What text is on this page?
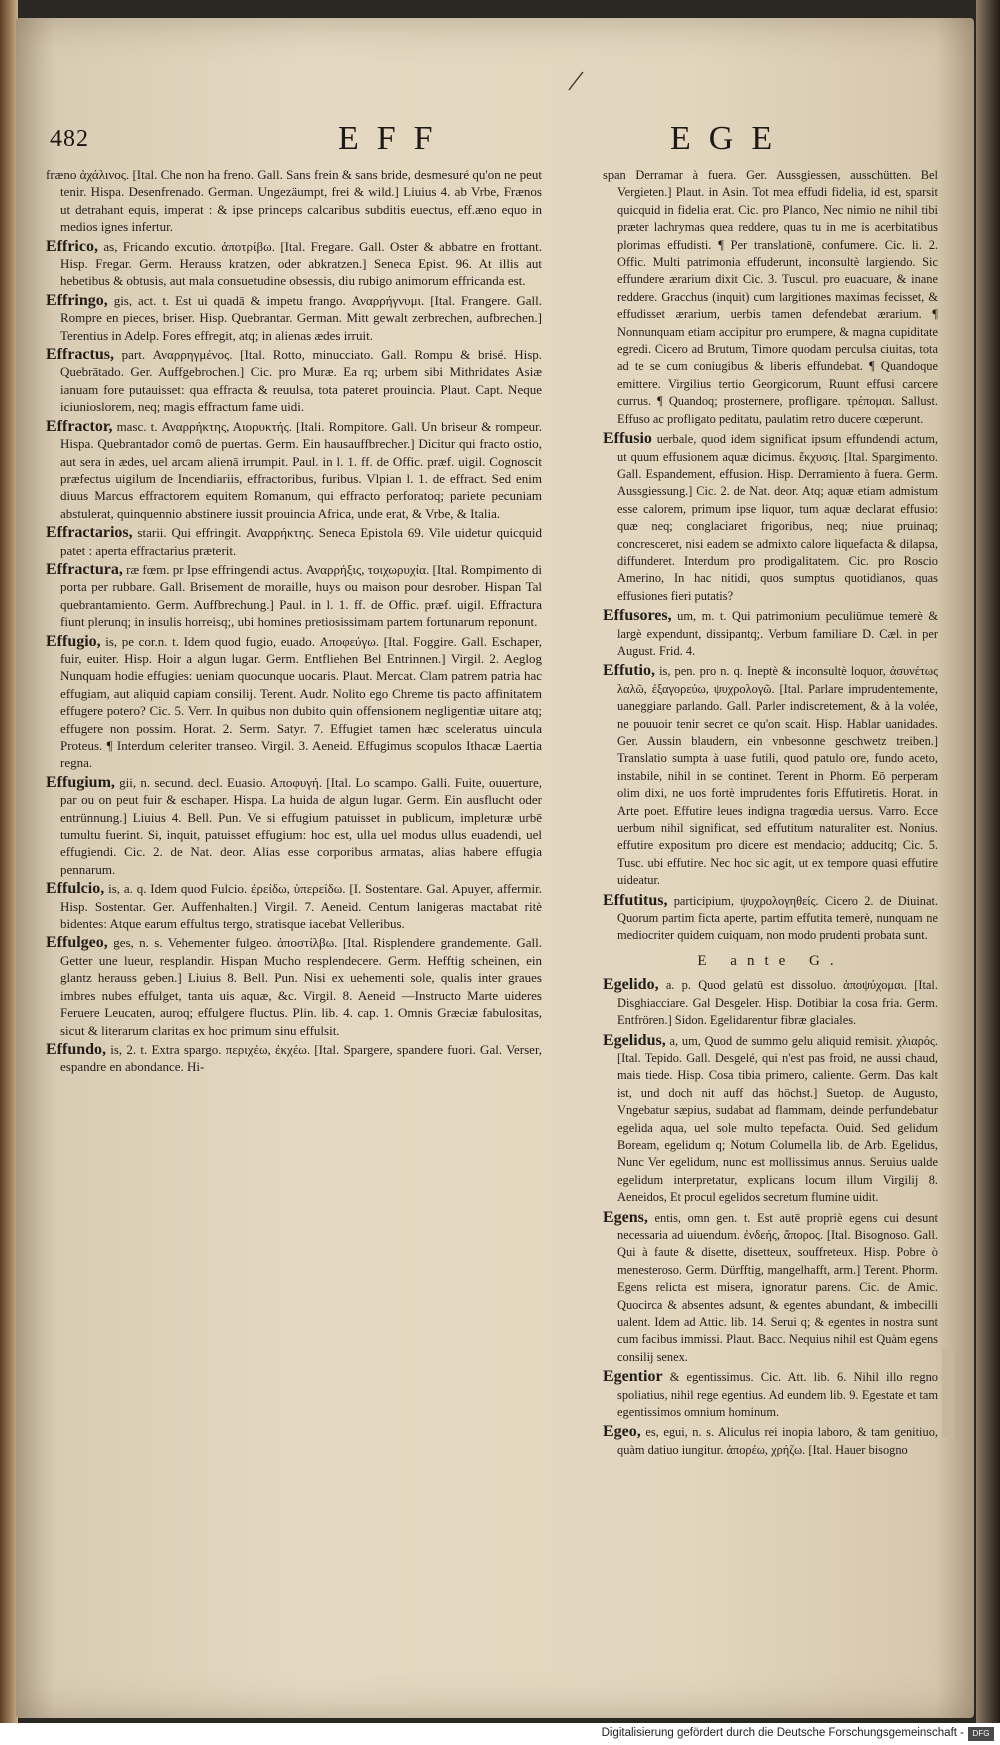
482	EFF	EGE

fræno ἀχάλινος. [Ital. Che non ha freno. Gall. Sans frein & sans bride, desmesuré qu'on ne peut tenir. Hispa. Desenfrenado. German. Ungezäumpt, frei & wild.] Liuius 4. ab Vrbe, Frænos ut detrahant equis, imperat : & ipse princeps calcaribus subditis euectus, eff.æno equo in medios ignes infertur.

Effrico, as, Fricando excutio. ἀποτρίβω. [Ital. Fregare. Gall. Oster & abbatre en frottant. Hisp. Fregar. Germ. Herauss kratzen, oder abkratzen.] Seneca Epist. 96. At illis aut hebetibus & obtusis, aut mala consuetudine obsessis, diu rubigo animorum effricanda est.

Effringo, gis, act. t. Est ui quadā & impetu frango. Αναρρήγνυμι. [Ital. Frangere. Gall. Rompre en pieces, briser. Hisp. Quebrantar. German. Mitt gewalt zerbrechen, aufbrechen.] Terentius in Adelp. Fores effregit, atq; in alienas ædes irruit.

Effractus, part. Αναρρηγμένος. [Ital. Rotto, minucciato. Gall. Rompu & brisé. Hisp. Quebrātado. Ger. Auffgebrochen.] Cic. pro Muræ. Ea rq; urbem sibi Mithridates Asiæ ianuam fore putauisset: qua effracta & reuulsa, tota pateret prouincia. Plaut. Capt. Neque iciunioslorem, neq; magis effractum fame uidi.

Effractor, masc. t. Αναρρήκτης, Αιορυκτής. [Itali. Rompitore. Gall. Un briseur & rompeur. Hispa. Quebrantador comô de puertas. Germ. Ein hausauffbrecher.] Dicitur qui fracto ostio, aut sera in ædes, uel arcam alienā irrumpit. Paul. in l. 1. ff. de Offic. præf. uigil. Cognoscit præfectus uigilum de Incendiariis, effractoribus, furibus. Vlpian l. 1. de effract. Sed enim diuus Marcus effractorem equitem Romanum, qui effracto perforatoq; pariete pecuniam abstulerat, quinquennio abstinere iussit prouincia Africa, unde erat, & Vrbe, & Italia.

Effractarios, starii. Qui effringit. Αναρρήκτης. Seneca Epistola 69. Vile uidetur quicquid patet : aperta effractarius præterit.

Effractura, ræ fœm. pr Ipse effringendi actus. Αναρρήξις, τοιχωρυχία. [Ital. Rompimento di porta per rubbare. Gall. Brisement de moraille, huys ou maison pour desrober. Hispan Tal quebrantamiento. Germ. Auffbrechung.] Paul. in l. 1. ff. de Offic. præf. uigil. Effractura fiunt plerunq; in insulis horreisq;, ubi homines pretiosissimam partem fortunarum reponunt.

Effugio, is, pe cor.n. t. Idem quod fugio, euado. Αποφεύγω. [Ital. Foggire. Gall. Eschaper, fuir, euiter. Hisp. Hoir a algun lugar. Germ. Entfliehen Bel Entrinnen.] Virgil. 2. Aeglog Nunquam hodie effugies: ueniam quocunque uocaris. Plaut. Mercat. Clam patrem patria hac effugiam, aut aliquid capiam consilij. Terent. Audr. Nolito ego Chreme tis pacto affinitatem effugere potero? Cic. 5. Verr. In quibus non dubito quin offensionem negligentiæ uitare atq; effugere non possim. Horat. 2. Serm. Satyr. 7. Effugiet tamen hæc sceleratus uincula Proteus. ¶ Interdum celeriter transeo. Virgil. 3. Aeneid. Effugimus scopulos Ithacæ Laertia regna.

Effugium, gii, n. secund. decl. Euasio. Αποφυγή. [Ital. Lo scampo. Galli. Fuite, ouuerture, par ou on peut fuir & eschaper. Hispa. La huida de algun lugar. Germ. Ein ausflucht oder entrünnung.] Liuius 4. Bell. Pun. Ve si effugium patuisset in publicum, impleturæ urbē tumultu fuerint. Si, inquit, patuisset effugium: hoc est, ulla uel modus ullus euadendi, uel effugiendi. Cic. 2. de Nat. deor. Alias esse corporibus armatas, alias habere effugia pennarum.

Effulcio, is, a. q. Idem quod Fulcio. ἐρείδω, ὑπερείδω. [I. Sostentare. Gal. Apuyer, affermir. Hisp. Sostentar. Ger. Auffenhalten.] Virgil. 7. Aeneid. Centum lanigeras mactabat ritè bidentes: Atque earum effultus tergo, stratisque iacebat Velleribus.

Effulgeo, ges, n. s. Vehementer fulgeo. ἀποστίλβω. [Ital. Risplendere grandemente. Gall. Getter une lueur, resplandir. Hispan Mucho resplendecere. Germ. Hefftig scheinen, ein glantz herauss geben.] Liuius 8. Bell. Pun. Nisi ex uehementi sole, qualis inter graues imbres nubes effulget, tanta uis aquæ, &c. Virgil. 8. Aeneid —Instructo Marte uideres Feruere Leucaten, auroq; effulgere fluctus. Plin. lib. 4. cap. 1. Omnis Græciæ fabulositas, sicut & literarum claritas ex hoc primum sinu effulsit.

Effundo, is, 2. t. Extra spargo. περιχέω, ἐκχέω. [Ital. Spargere, spandere fuori. Gal. Verser, espandre en abondance. Hi-

span Derramar à fuera. Ger. Aussgiessen, ausschütten. Bel Vergieten.] Plaut. in Asin. Tot mea effudi fidelia, id est, sparsit quicquid in fidelia erat. Cic. pro Planco, Nec nimio ne nihil tibi præter lachrymas quea reddere, quas tu in me is acerbitatibus plorimas effudisti. ¶ Per translationē, confumere. Cic. li. 2. Offic. Multi patrimonia effuderunt, inconsultè largiendo. Sic effundere ærarium dixit Cic. 3. Tuscul. pro euacuare, & inane reddere. Gracchus (inquit) cum largitiones maximas fecisset, & effudisset ærarium, uerbis tamen defendebat ærarium. ¶ Nonnunquam etiam accipitur pro erumpere, & magna cupiditate egredi. Cicero ad Brutum, Timore quodam perculsa ciuitas, tota ad te se cum coniugibus & liberis effundebat. ¶ Quandoque emittere. Virgilius tertio Georgicorum, Ruunt effusi carcere currus. ¶ Quandoq; prosternere, profligare. τρέπομαι. Sallust. Effuso ac profligato peditatu, paulatim retro ducere cœperunt.

Effusio uerbale, quod idem significat ipsum effundendi actum, ut quum effusionem aquæ dicimus. ἔκχυσις. [Ital. Spargimento. Gall. Espandement, effusion. Hisp. Derramiento à fuera. Germ. Aussgiessung.] Cic. 2. de Nat. deor. Atq; aquæ etiam admistum esse calorem, primum ipse liquor, tum aquæ declarat effusio: quæ neq; conglaciaret frigoribus, neq; niue pruinaq; concresceret, nisi eadem se admixto calore liquefacta & dilapsa, diffunderet. Interdum pro prodigalitatem. Cic. pro Roscio Amerino, In hac nitidi, quos sumptus quotidianos, quas effusiones fieri putatis?

Effusores, um, m. t. Qui patrimonium peculiūmue temerè & largè expendunt, dissipantq;. Verbum familiare D. Cæl. in per August. Frid. 4.

Effutio, is, pen. pro n. q. Ineptè & inconsultè loquor, ἀσυνέτως λαλῶ, ἐξαγορεύω, ψυχρολογῶ. [Ital. Parlare imprudentemente, uaneggiare parlando. Gall. Parler indiscretement, & à la volée, ne pouuoir tenir secret ce qu'on scait. Hisp. Hablar uanidades. Ger. Aussin blaudern, ein vnbesonne geschwetz treiben.] Translatio sumpta à uase futili, quod patulo ore, fundo aceto, instabile, nihil in se continet. Terent in Phorm. Eō perperam olim dixi, ne uos fortè imprudentes foris Effutiretis. Horat. in Arte poet. Effutire leues indigna tragœdia uersus. Varro. Ecce uerbum nihil significat, sed effutitum naturaliter est. Nonius. effutire expositum pro dicere est mendacio; adducitq; Cic. 5. Tusc. ubi effutire. Nec hoc sic agit, ut ex tempore quasi effutire uideatur.

Effutitus, participium, ψυχρολογηθείς. Cicero 2. de Diuinat. Quorum partim ficta aperte, partim effutita temerè, nunquam ne mediocriter quidem cuiquam, non modo prudenti probata sunt.

E ante G.

Egelido, a. p. Quod gelatū est dissoluo. ἀποψύχομαι. [Ital. Disghiacciare. Gal Desgeler. Hisp. Dotibiar la cosa fria. Germ. Entfrören.] Sidon. Egelidarentur fibræ glaciales.

Egelidus, a, um, Quod de summo gelu aliquid remisit. χλιαρός. [Ital. Tepido. Gall. Desgelé, qui n'est pas froid, ne aussi chaud, mais tiede. Hisp. Cosa tibia primero, caliente. Germ. Das kalt ist, und doch nit auff das höchst.] Suetop. de Augusto, Vngebatur sæpius, sudabat ad flammam, deinde perfundebatur egelida aqua, uel sole multo tepefacta. Ouid. Sed gelidum Boream, egelidum q; Notum Columella lib. de Arb. Egelidus, Nunc Ver egelidum, nunc est mollissimus annus. Seruius ualde egelidum interpretatur, explicans locum illum Virgilij 8. Aeneidos, Et procul egelidos secretum flumine uidit.

Egens, entis, omn gen. t. Est autē propriè egens cui desunt necessaria ad uiuendum. ἐνδεής, ἄπορος. [Ital. Bisognoso. Gall. Qui à faute & disette, disetteux, souffreteux. Hisp. Pobre ò menesteroso. Germ. Dürfftig, mangelhafft, arm.] Terent. Phorm. Egens relicta est misera, ignoratur parens. Cic. de Amic. Quocirca & absentes adsunt, & egentes abundant, & imbecilli ualent. Idem ad Attic. lib. 14. Serui q; & egentes in nostra sunt cum facibus immissi. Plaut. Bacc. Nequius nihil est Quàm egens consilij senex.

Egentior & egentissimus. Cic. Att. lib. 6. Nihil illo regno spoliatius, nihil rege egentius. Ad eundem lib. 9. Egestate et tam egentissimos omnium hominum.

Egeo, es, egui, n. s. Aliculus rei inopia laboro, & tam genitiuo, quàm datiuo iungitur. ἀπορέω, χρήζω. [Ital. Hauer bisogno

Digitalisierung gefördert durch die Deutsche Forschungsgemeinschaft -	DFG
